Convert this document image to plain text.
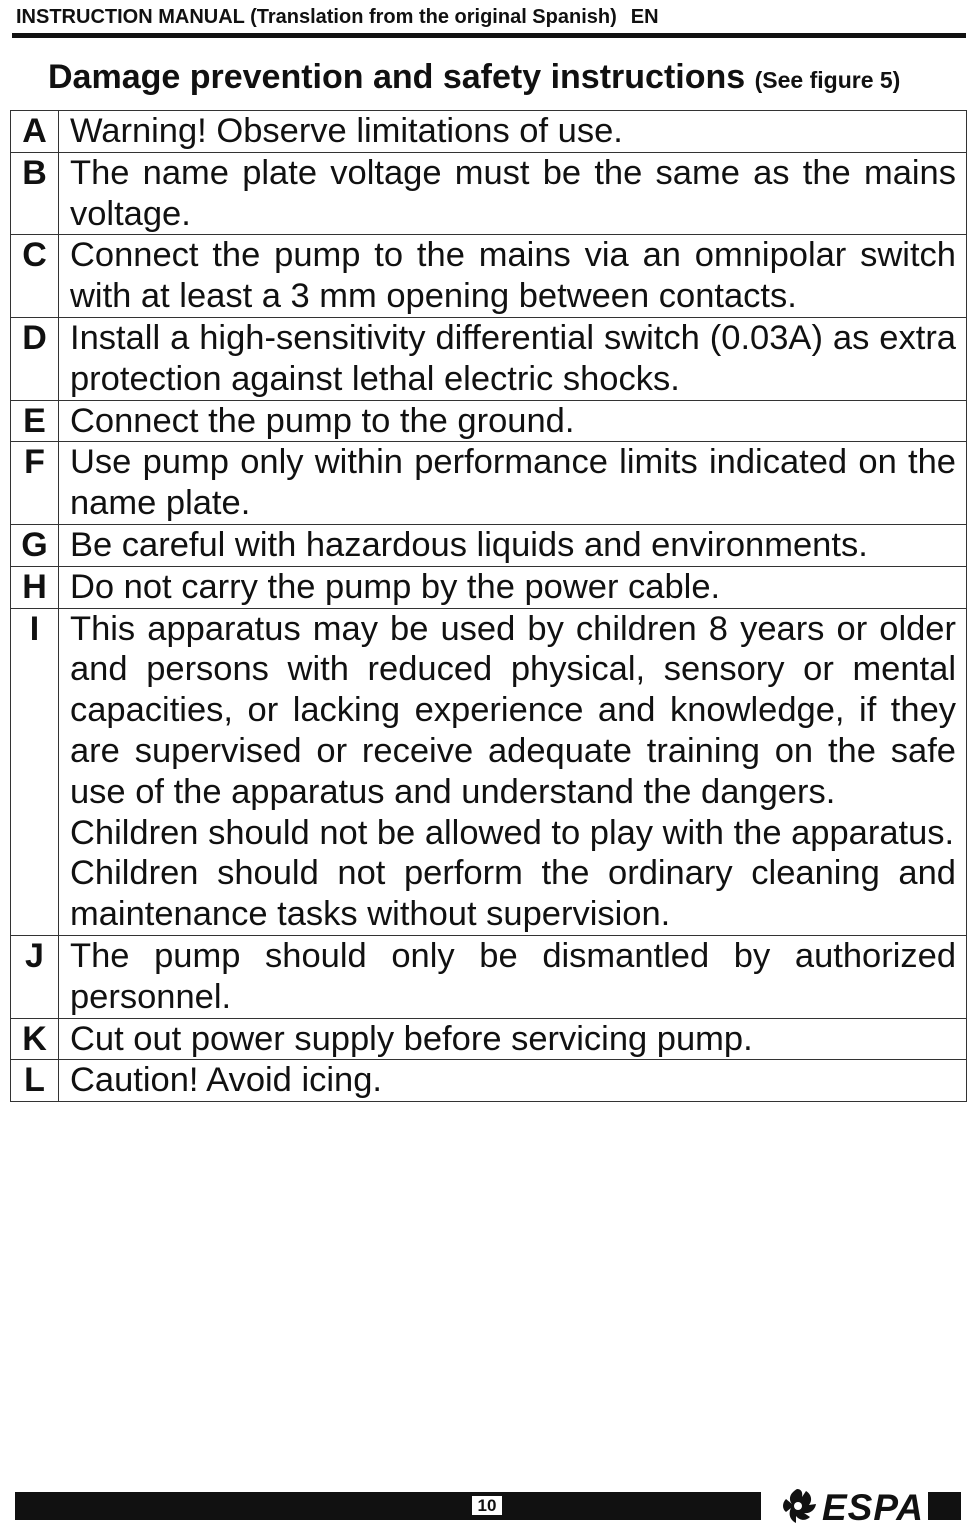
INSTRUCTION MANUAL (Translation from the original Spanish) EN
Damage prevention and safety instructions (See figure 5)
A	Warning! Observe limitations of use.

B	The name plate voltage must be the same as the mains voltage.

C	Connect the pump to the mains via an omnipolar switch with at least a 3 mm opening between contacts.

D	Install a high-sensitivity differential switch (0.03A) as extra protection against lethal electric shocks.

E	Connect the pump to the ground.

F	Use pump only within performance limits indicated on the name plate.

G	Be careful with hazardous liquids and environments.

H	Do not carry the pump by the power cable.

I	This apparatus may be used by children 8 years or older and persons with reduced physical, sensory or mental capacities, or lacking experience and knowledge, if they are supervised or receive adequate training on the safe use of the apparatus and understand the dangers.

Children should not be allowed to play with the apparatus.

Children should not perform the ordinary cleaning and maintenance tasks without supervision.

J	The pump should only be dismantled by authorized personnel.

K	Cut out power supply before servicing pump.

L	Caution! Avoid icing.

10	ESPA
